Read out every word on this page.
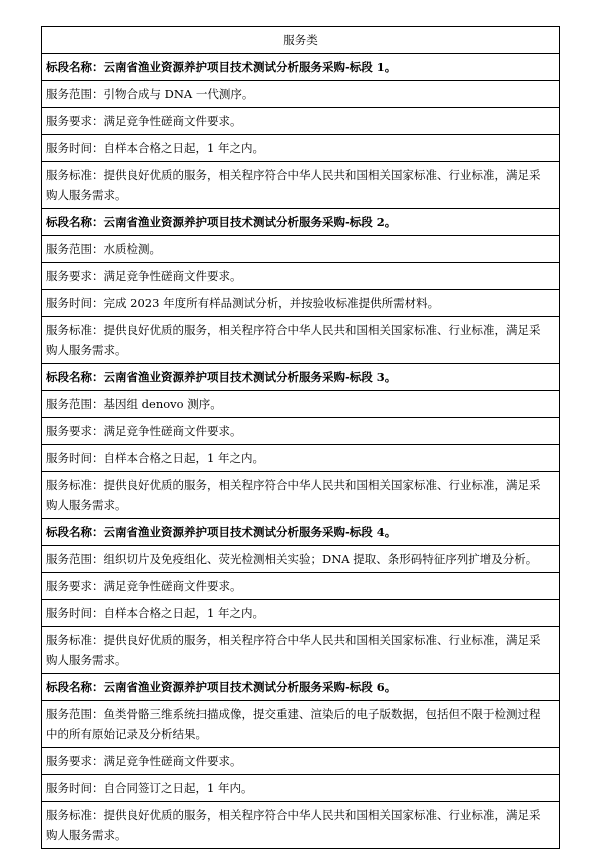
服务类
标段名称：云南省渔业资源养护项目技术测试分析服务采购-标段 1。

服务范围：引物合成与 DNA 一代测序。

服务要求：满足竞争性磋商文件要求。

服务时间：自样本合格之日起，1 年之内。

服务标准：提供良好优质的服务，相关程序符合中华人民共和国相关国家标准、行业标准，满足采
购人服务需求。

标段名称：云南省渔业资源养护项目技术测试分析服务采购-标段 2。

服务范围：水质检测。

服务要求：满足竞争性磋商文件要求。

服务时间：完成 2023 年度所有样品测试分析，并按验收标准提供所需材料。

服务标准：提供良好优质的服务，相关程序符合中华人民共和国相关国家标准、行业标准，满足采
购人服务需求。

标段名称：云南省渔业资源养护项目技术测试分析服务采购-标段 3。

服务范围：基因组 denovo 测序。

服务要求：满足竞争性磋商文件要求。

服务时间：自样本合格之日起，1 年之内。

服务标准：提供良好优质的服务，相关程序符合中华人民共和国相关国家标准、行业标准，满足采
购人服务需求。

标段名称：云南省渔业资源养护项目技术测试分析服务采购-标段 4。

服务范围：组织切片及免疫组化、荧光检测相关实验；DNA 提取、条形码特征序列扩增及分析。

服务要求：满足竞争性磋商文件要求。

服务时间：自样本合格之日起，1 年之内。

服务标准：提供良好优质的服务，相关程序符合中华人民共和国相关国家标准、行业标准，满足采
购人服务需求。

标段名称：云南省渔业资源养护项目技术测试分析服务采购-标段 6。

服务范围：鱼类骨骼三维系统扫描成像，提交重建、渲染后的电子版数据，包括但不限于检测过程
中的所有原始记录及分析结果。

服务要求：满足竞争性磋商文件要求。

服务时间：自合同签订之日起，1 年内。

服务标准：提供良好优质的服务，相关程序符合中华人民共和国相关国家标准、行业标准，满足采
购人服务需求。
